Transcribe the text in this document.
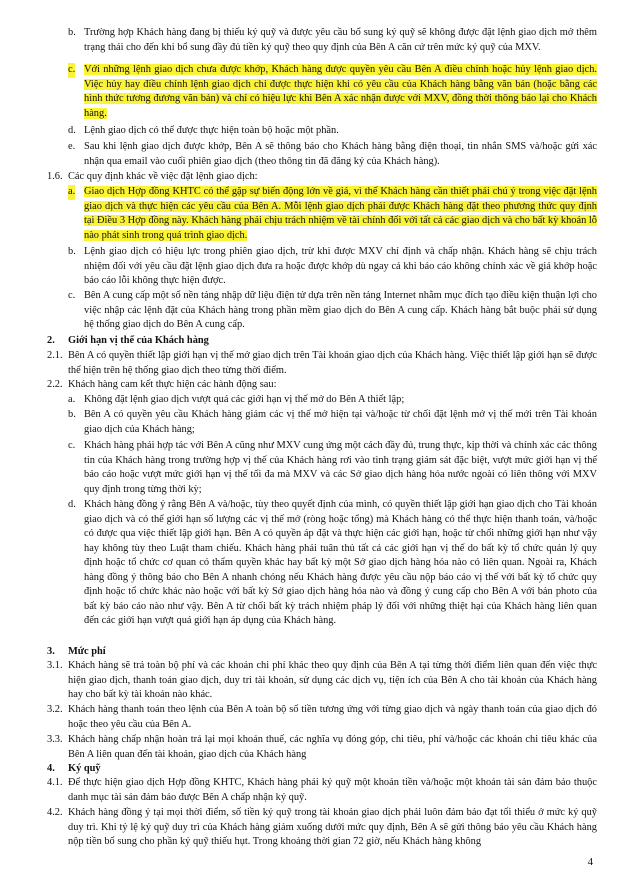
b. Trường hợp Khách hàng đang bị thiếu ký quỹ và được yêu cầu bổ sung ký quỹ sẽ không được đặt lệnh giao dịch mở thêm trạng thái cho đến khi bổ sung đầy đủ tiền ký quỹ theo quy định của Bên A căn cứ trên mức ký quỹ của MXV.
c. Với những lệnh giao dịch chưa được khớp, Khách hàng được quyền yêu cầu Bên A điều chỉnh hoặc hủy lệnh giao dịch. Việc hủy hay điều chỉnh lệnh giao dịch chỉ được thực hiện khi có yêu cầu của Khách hàng bằng văn bản (hoặc bằng các hình thức tương đương văn bản) và chỉ có hiệu lực khi Bên A xác nhận được với MXV, đồng thời thông báo lại cho Khách hàng.
d. Lệnh giao dịch có thể được thực hiện toàn bộ hoặc một phần.
e. Sau khi lệnh giao dịch được khớp, Bên A sẽ thông báo cho Khách hàng bằng điện thoại, tin nhắn SMS và/hoặc gửi xác nhận qua email vào cuối phiên giao dịch (theo thông tin đã đăng ký của Khách hàng).
1.6. Các quy định khác về việc đặt lệnh giao dịch:
a. Giao dịch Hợp đồng KHTC có thể gặp sự biến động lớn về giá, vì thế Khách hàng cần thiết phải chú ý trong việc đặt lệnh giao dịch và thực hiện các yêu cầu của Bên A. Mỗi lệnh giao dịch phải được Khách hàng đặt theo phương thức quy định tại Điều 3 Hợp đồng này. Khách hàng phải chịu trách nhiệm về tài chính đối với tất cả các giao dịch và cho bất kỳ khoản lỗ nào phát sinh trong quá trình giao dịch.
b. Lệnh giao dịch có hiệu lực trong phiên giao dịch, trừ khi được MXV chỉ định và chấp nhận. Khách hàng sẽ chịu trách nhiệm đối với yêu cầu đặt lệnh giao dịch đưa ra hoặc được khớp dù ngay cả khi báo cáo không chính xác về giá khớp hoặc báo cáo lỗi không thực hiện được.
c. Bên A cung cấp một số nền tảng nhập dữ liệu điện tử dựa trên nền tảng Internet nhằm mục đích tạo điều kiện thuận lợi cho việc nhập các lệnh đặt của Khách hàng trong phần mềm giao dịch do Bên A cung cấp. Khách hàng bắt buộc phải sử dụng hệ thống giao dịch do Bên A cung cấp.
2. Giới hạn vị thế của Khách hàng
2.1. Bên A có quyền thiết lập giới hạn vị thế mở giao dịch trên Tài khoản giao dịch của Khách hàng. Việc thiết lập giới hạn sẽ được thể hiện trên hệ thống giao dịch theo từng thời điểm.
2.2. Khách hàng cam kết thực hiện các hành động sau:
a. Không đặt lệnh giao dịch vượt quá các giới hạn vị thế mở do Bên A thiết lập;
b. Bên A có quyền yêu cầu Khách hàng giảm các vị thế mở hiện tại và/hoặc từ chối đặt lệnh mở vị thế mới trên Tài khoản giao dịch của Khách hàng;
c. Khách hàng phải hợp tác với Bên A cũng như MXV cung ứng một cách đầy đủ, trung thực, kịp thời và chính xác các thông tin của Khách hàng trong trường hợp vị thế của Khách hàng rơi vào tình trạng giám sát đặc biệt, vượt mức giới hạn vị thế báo cáo hoặc vượt mức giới hạn vị thế tối đa mà MXV và các Sở giao dịch hàng hóa nước ngoài có liên thông với MXV quy định trong từng thời kỳ;
d. Khách hàng đồng ý rằng Bên A và/hoặc, tùy theo quyết định của mình, có quyền thiết lập giới hạn giao dịch cho Tài khoản giao dịch và có thể giới hạn số lượng các vị thế mở (ròng hoặc tổng) mà Khách hàng có thể thực hiện thanh toán, và/hoặc có được qua việc thiết lập giới hạn. Bên A có quyền áp đặt và thực hiện các giới hạn, hoặc từ chối những giới hạn như vậy hay không tùy theo Luật tham chiếu. Khách hàng phải tuân thủ tất cả các giới hạn vị thế do bất kỳ tổ chức quản lý quy định hoặc tổ chức cơ quan có thẩm quyền khác hay bất kỳ một Sở giao dịch hàng hóa nào có liên quan. Ngoài ra, Khách hàng đồng ý thông báo cho Bên A nhanh chóng nếu Khách hàng được yêu cầu nộp báo cáo vị thế với bất kỳ tổ chức quy định hoặc tổ chức khác nào hoặc với bất kỳ Sở giao dịch hàng hóa nào và đồng ý cung cấp cho Bên A với bản photo của bất kỳ báo cáo nào như vậy. Bên A từ chối bất kỳ trách nhiệm pháp lý đối với những thiệt hại của Khách hàng liên quan đến các giới hạn vượt quá giới hạn áp dụng của Khách hàng.
3. Mức phí
3.1. Khách hàng sẽ trả toàn bộ phí và các khoản chi phí khác theo quy định của Bên A tại từng thời điểm liên quan đến việc thực hiện giao dịch, thanh toán giao dịch, duy trì tài khoản, sử dụng các dịch vụ, tiện ích của Bên A cho tài khoản của Khách hàng hay cho bất kỳ tài khoản nào khác.
3.2. Khách hàng thanh toán theo lệnh của Bên A toàn bộ số tiền tương ứng với từng giao dịch và ngày thanh toán của giao dịch đó hoặc theo yêu cầu của Bên A.
3.3. Khách hàng chấp nhận hoàn trả lại mọi khoản thuế, các nghĩa vụ đóng góp, chi tiêu, phí và/hoặc các khoản chi tiêu khác của Bên A liên quan đến tài khoản, giao dịch của Khách hàng
4. Ký quỹ
4.1. Để thực hiện giao dịch Hợp đồng KHTC, Khách hàng phải ký quỹ một khoản tiền và/hoặc một khoản tài sản đảm bảo thuộc danh mục tài sản đảm bảo được Bên A chấp nhận ký quỹ.
4.2. Khách hàng đồng ý tại mọi thời điểm, số tiền ký quỹ trong tài khoản giao dịch phải luôn đảm bảo đạt tối thiểu ở mức ký quỹ duy trì. Khi tỷ lệ ký quỹ duy trì của Khách hàng giảm xuống dưới mức quy định, Bên A sẽ gửi thông báo yêu cầu Khách hàng nộp tiền bổ sung cho phần ký quỹ thiếu hụt. Trong khoảng thời gian 72 giờ, nếu Khách hàng không
4
